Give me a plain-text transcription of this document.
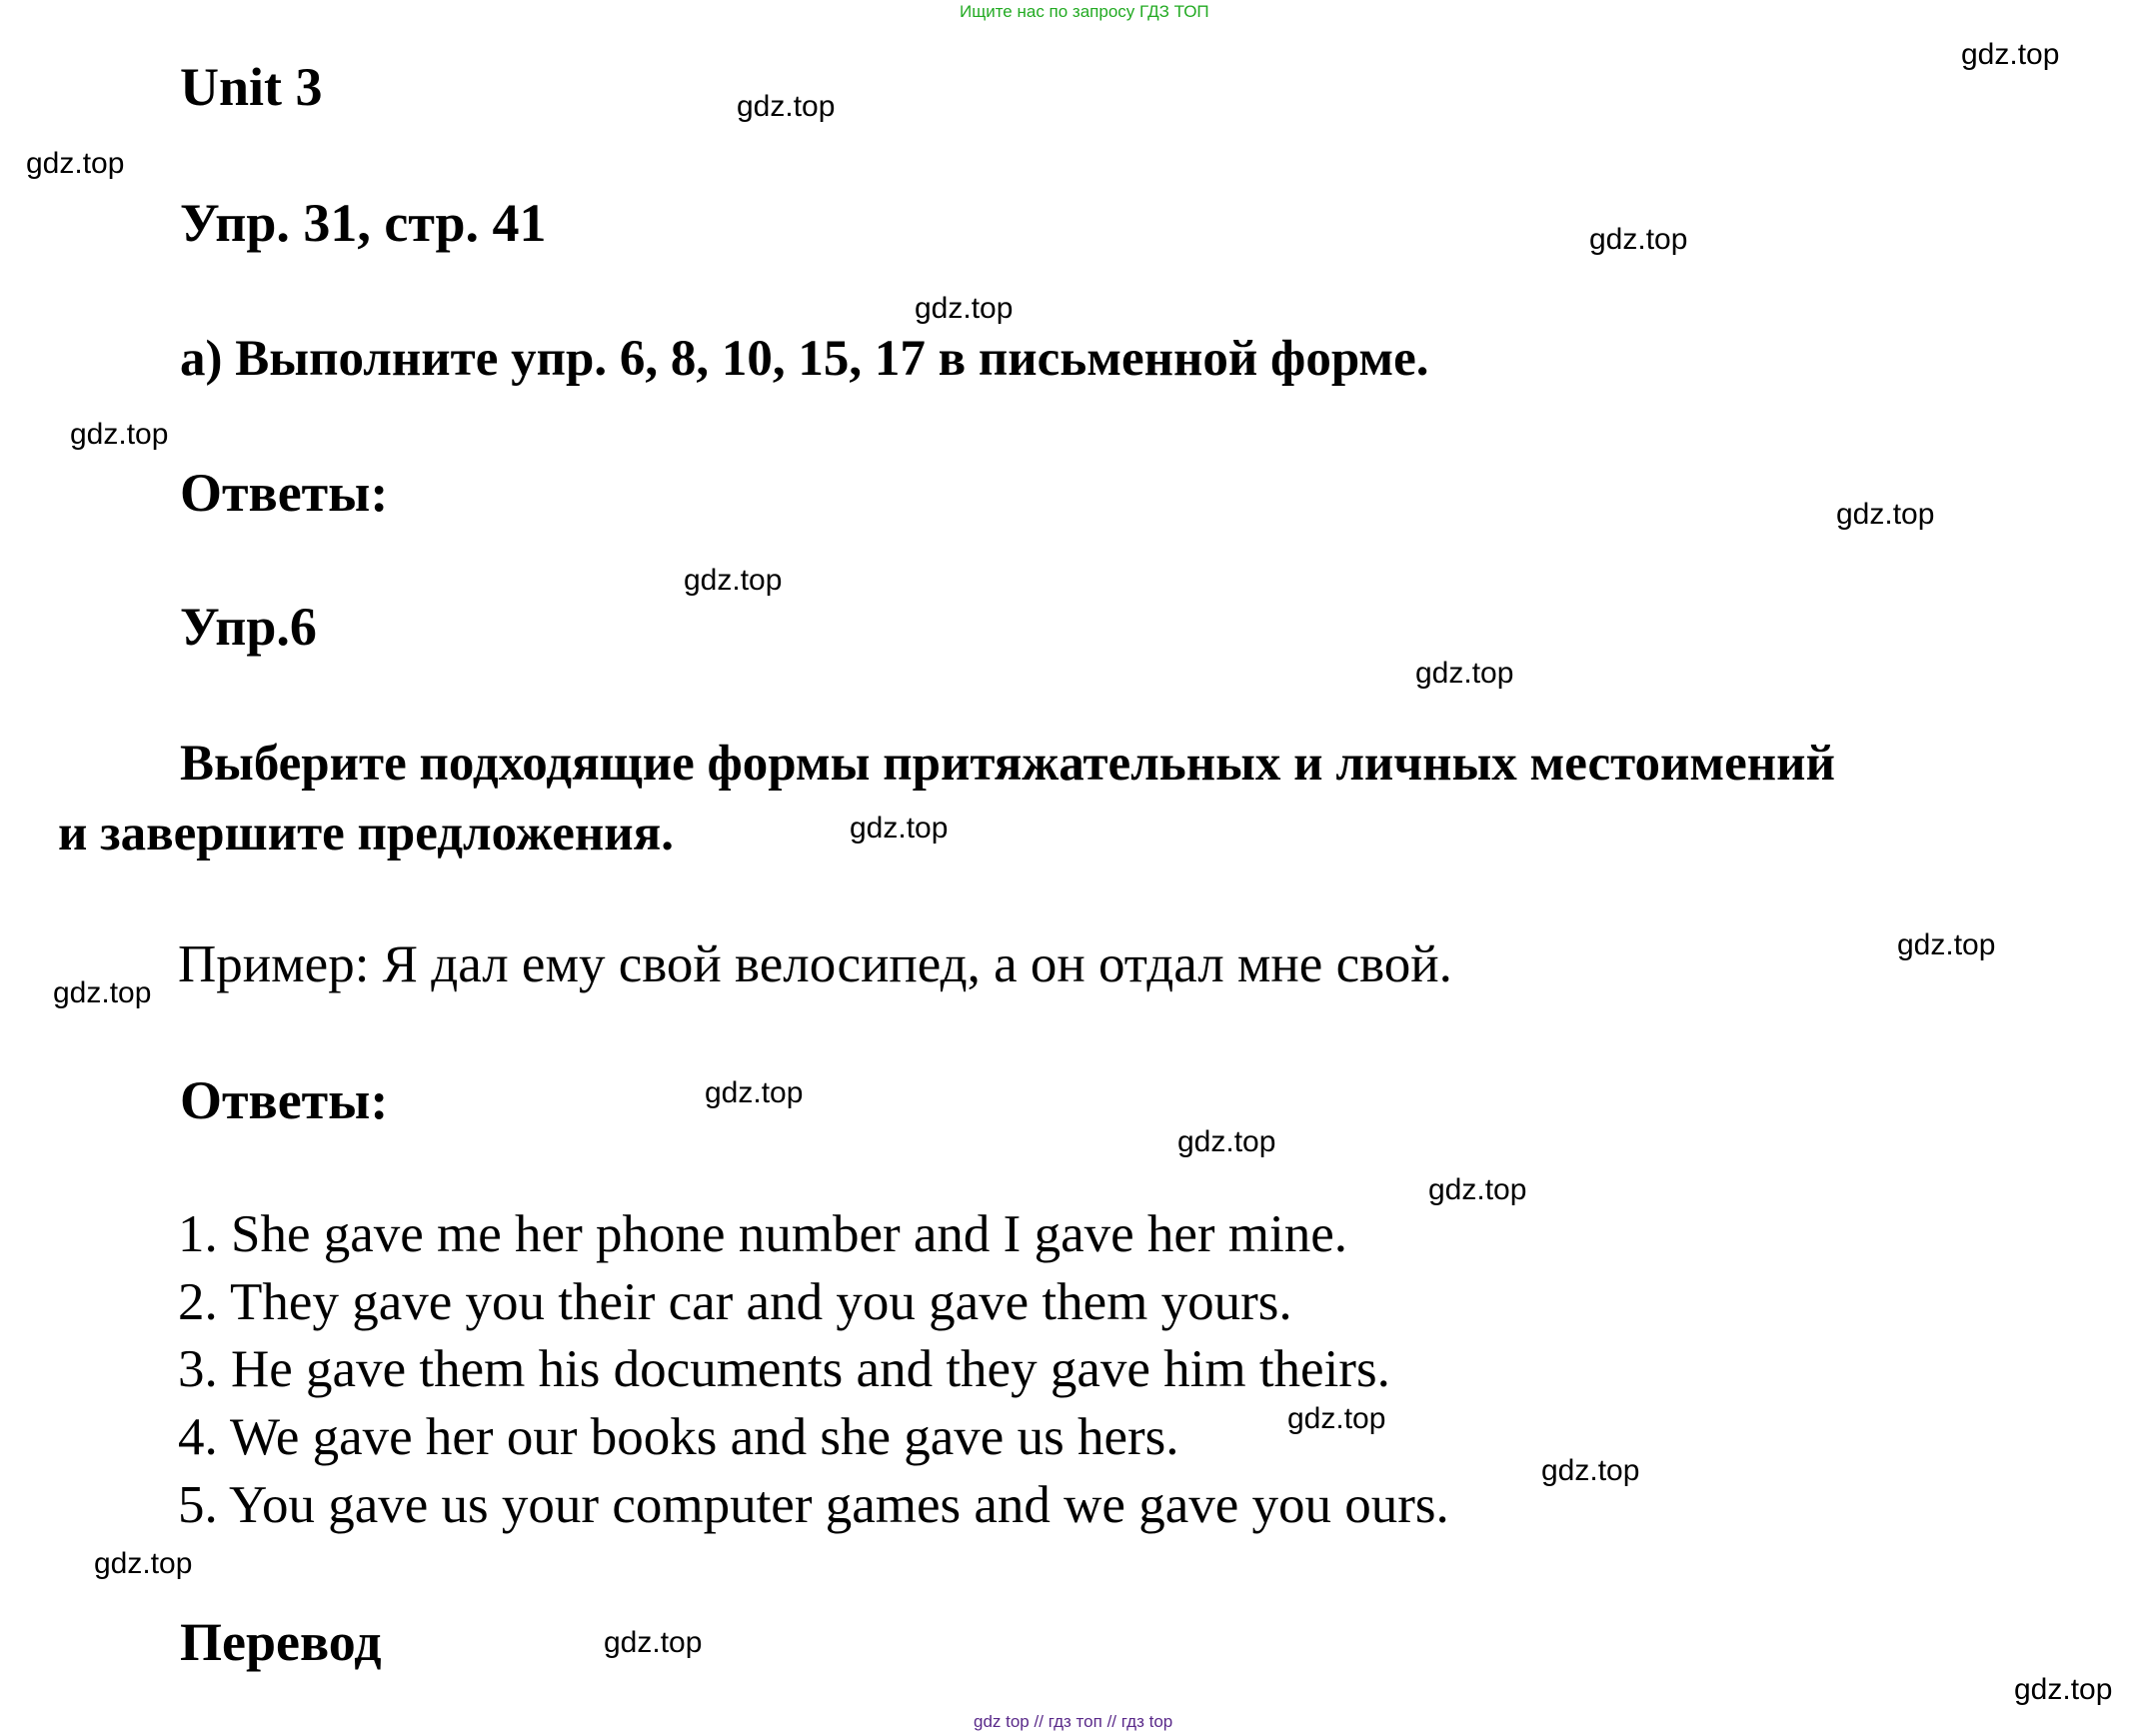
Ищите нас по запросу ГДЗ ТОП
Unit 3
Упр. 31, стр. 41
а) Выполните упр. 6, 8, 10, 15, 17 в письменной форме.
Ответы:
Упр.6
Выберите подходящие формы притяжательных и личных местоимений
и завершите предложения.
Пример: Я дал ему свой велосипед, а он отдал мне свой.
Ответы:
1. She gave me her phone number and I gave her mine.
2. They gave you their car and you gave them yours.
3. He gave them his documents and they gave him theirs.
4. We gave her our books and she gave us hers.
5. You gave us your computer games and we gave you ours.
Перевод
gdz.top
gdz.top
gdz.top
gdz.top
gdz.top
gdz.top
gdz.top
gdz.top
gdz.top
gdz.top
gdz.top
gdz.top
gdz.top
gdz.top
gdz.top
gdz.top
gdz.top
gdz.top
gdz.top
gdz.top
gdz top // гдз топ // гдз top
